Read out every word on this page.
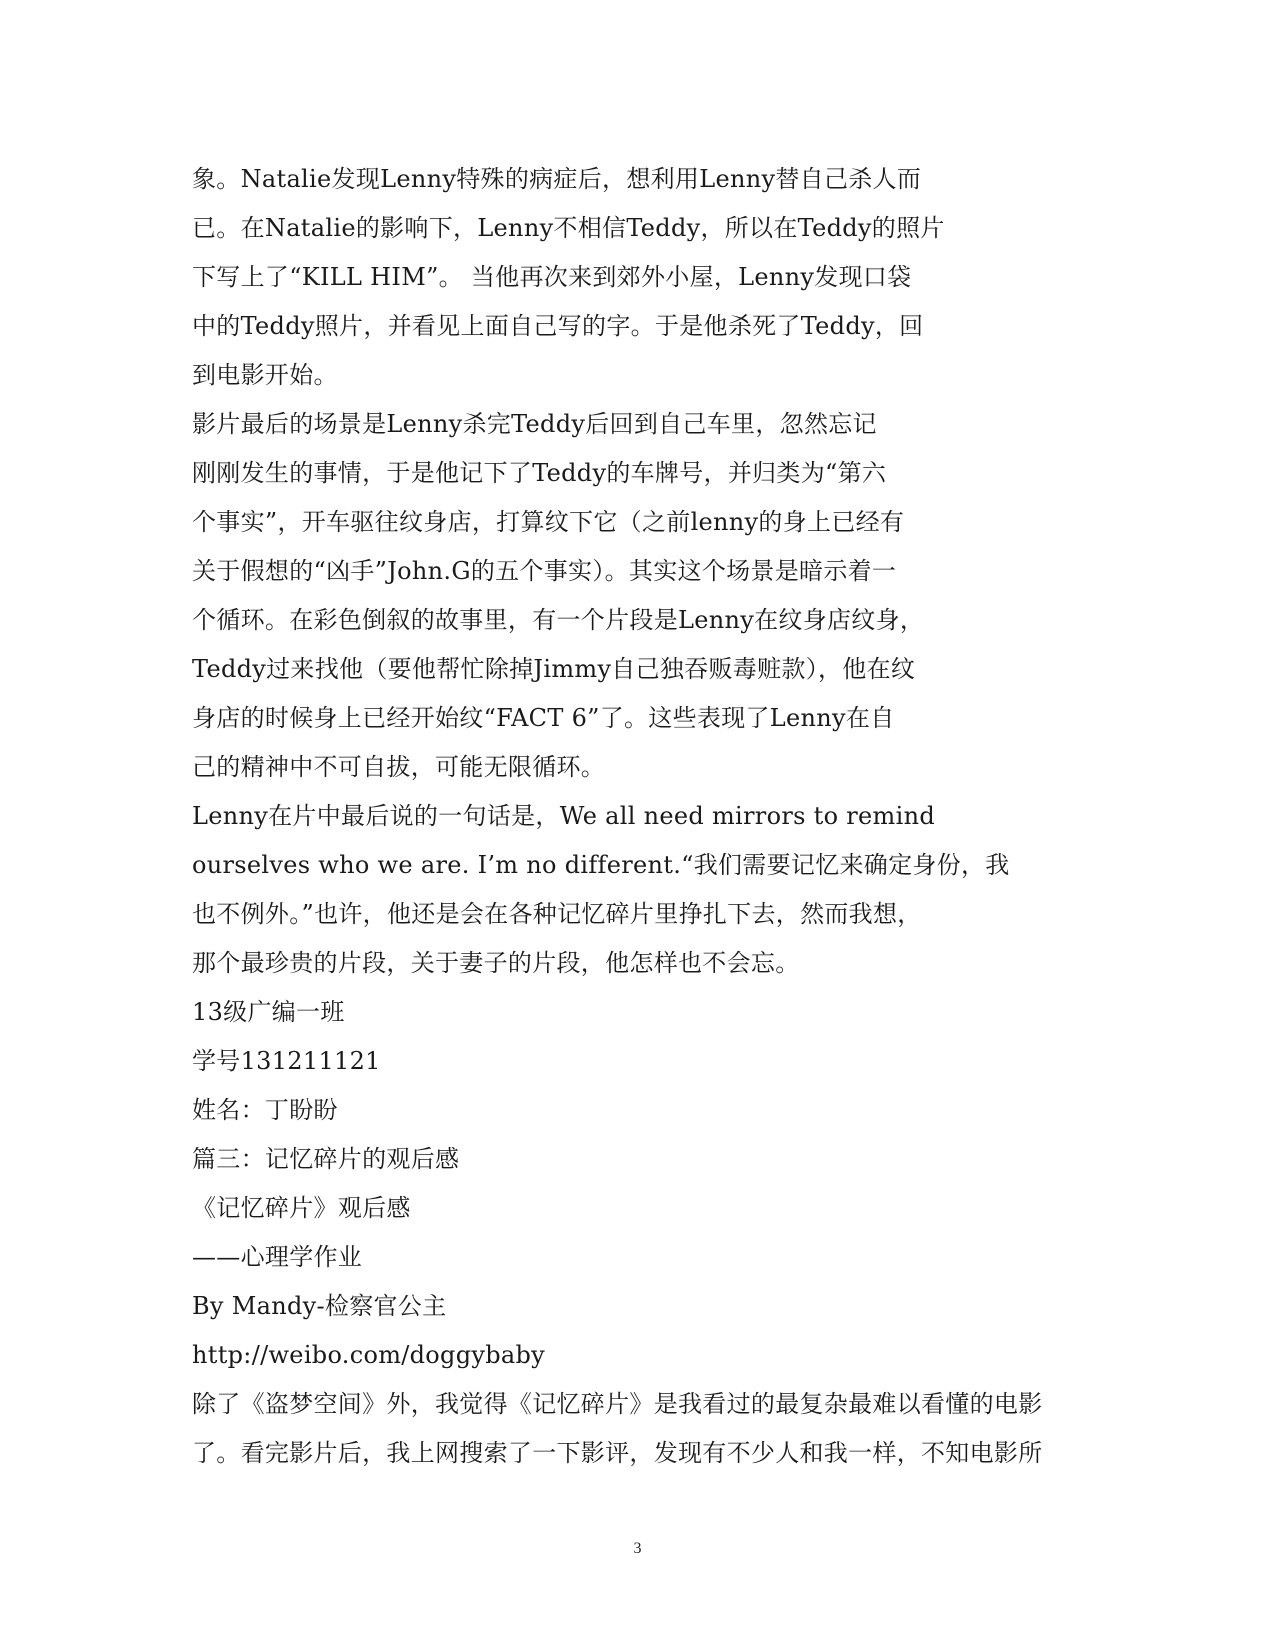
象。Natalie发现Lenny特殊的病症后，想利用Lenny替自己杀人而
已。在Natalie的影响下，Lenny不相信Teddy，所以在Teddy的照片
下写上了“KILL HIM”。 当他再次来到郊外小屋，Lenny发现口袋
中的Teddy照片，并看见上面自己写的字。于是他杀死了Teddy，回
到电影开始。
影片最后的场景是Lenny杀完Teddy后回到自己车里，忽然忘记
刚刚发生的事情，于是他记下了Teddy的车牌号，并归类为“第六
个事实”，开车驱往纹身店，打算纹下它（之前lenny的身上已经有
关于假想的“凶手”John.G的五个事实）。其实这个场景是暗示着一
个循环。在彩色倒叙的故事里，有一个片段是Lenny在纹身店纹身，
Teddy过来找他（要他帮忙除掉Jimmy自己独吞贩毒赃款），他在纹
身店的时候身上已经开始纹“FACT 6”了。这些表现了Lenny在自
己的精神中不可自拔，可能无限循环。
Lenny在片中最后说的一句话是，We all need mirrors to remind
ourselves who we are. I’m no different.“我们需要记忆来确定身份，我
也不例外。”也许，他还是会在各种记忆碎片里挣扎下去，然而我想，
那个最珍贵的片段，关于妻子的片段，他怎样也不会忘。
13级广编一班
学号131211121
姓名：丁盼盼
篇三：记忆碎片的观后感
《记忆碎片》观后感
——心理学作业
By Mandy-检察官公主
http://weibo.com/doggybaby
除了《盗梦空间》外，我觉得《记忆碎片》是我看过的最复杂最难以看懂的电影
了。看完影片后，我上网搜索了一下影评，发现有不少人和我一样，不知电影所
3
